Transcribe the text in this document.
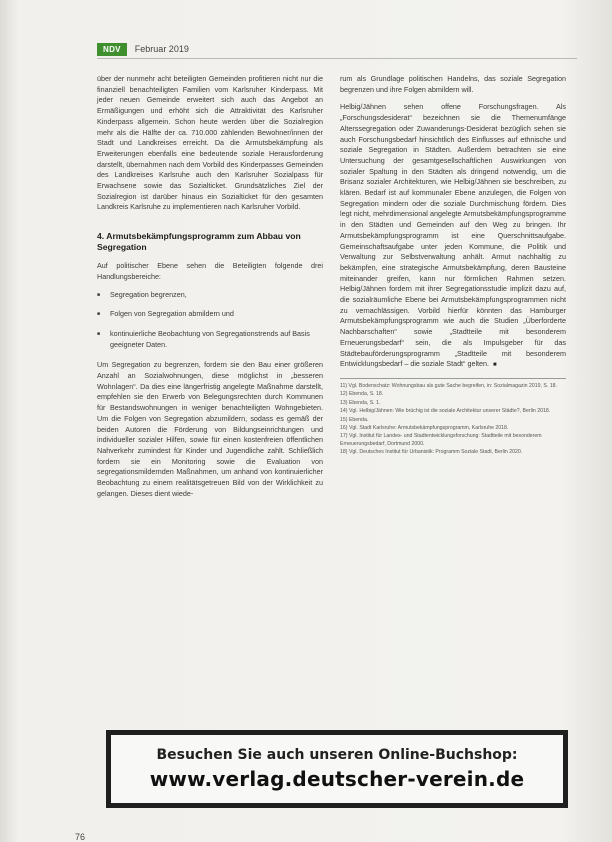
NDV	Februar 2019

über der nunmehr acht beteiligten Gemeinden profitieren nicht nur die finanziell benachteiligten Familien vom Karlsruher Kinderpass. Mit jeder neuen Gemeinde erweitert sich auch das Angebot an Ermäßigungen und erhöht sich die Attraktivität des Karlsruher Kinderpass allgemein. Schon heute werden über die Sozialregion mehr als die Hälfte der ca. 710.000 zählenden Bewohner/innen der Stadt und Landkreises erreicht. Da die Armutsbekämpfung als Erweiterungen ebenfalls eine bedeutende soziale Herausforderung darstellt, übernahmen nach dem Vorbild des Kinderpasses Gemeinden des Landkreises Karlsruhe auch den Karlsruher Sozialpass für Erwachsene sowie das Sozialticket. Grundsätzliches Ziel der Sozialregion ist darüber hinaus ein Sozialticket für den gesamten Landkreis Karlsruhe zu implementieren nach Karlsruher Vorbild.

4. Armutsbekämpfungsprogramm zum Abbau von Segregation

Auf politischer Ebene sehen die Beteiligten folgende drei Handlungsbereiche:

■ Segregation begrenzen,
■ Folgen von Segregation abmildern und
■ kontinuierliche Beobachtung von Segregationstrends auf Basis geeigneter Daten.

Um Segregation zu begrenzen, fordern sie den Bau einer größeren Anzahl an Sozialwohnungen, diese möglichst in „besseren Wohnlagen“. Da dies eine längerfristig angelegte Maßnahme darstellt, empfehlen sie den Erwerb von Belegungsrechten durch Kommunen für Bestandswohnungen in weniger benachteiligten Wohngebieten. Um die Folgen von Segregation abzumildern, sodass es gemäß der beiden Autoren die Förderung von Bildungseinrichtungen und individueller sozialer Hilfen, sowie für einen kostenfreien öffentlichen Nahverkehr zumindest für Kinder und Jugendliche zahlt. Schließlich fordern sie ein Monitoring sowie die Evaluation von segregationsmildernden Maßnahmen, um anhand von kontinuierlicher Beobachtung zu einem realitätsgetreuen Bild von der Wirklichkeit zu gelangen. Dieses dient wiede-

rum als Grundlage politischen Handelns, das soziale Segregation begrenzen und ihre Folgen abmildern will.

Helbig/Jähnen sehen offene Forschungsfragen. Als „Forschungsdesiderat“ bezeichnen sie die Themenumfänge Alterssegregation oder Zuwanderungs-Desiderat bezüglich sehen sie auch Forschungsbedarf hinsichtlich des Einflusses auf ethnische und soziale Segregation in Städten. Außerdem betrachten sie eine Untersuchung der gesamtgesellschaftlichen Auswirkungen von sozialer Spaltung in den Städten als dringend notwendig, um die Brisanz sozialer Architekturen, wie Helbig/Jähnen sie beschreiben, zu klären. Bedarf ist auf kommunaler Ebene anzulegen, die Folgen von Segregation mindern oder die soziale Durchmischung fördern. Dies legt nicht, mehrdimensional angelegte Armutsbekämpfungsprogramme in den Städten und Gemeinden auf den Weg zu bringen. Ihr Armutsbekämpfungsprogramm ist eine Querschnittsaufgabe. Gemeinschaftsaufgabe unter jeden Kommune, die Politik und Verwaltung zur Selbstverwaltung anhält. Armut nachhaltig zu bekämpfen, eine strategische Armutsbekämpfung, deren Bausteine miteinander greifen, kann nur förmlichen Rahmen setzen. Helbig/Jähnen fordern mit ihrer Segregationsstudie implizit dazu auf, die sozialräumliche Ebene bei Armutsbekämpfungsprogrammen nicht zu vernachlässigen. Vorbild hierfür könnten das Hamburger Armutsbekämpfungsprogramm wie auch die Studien „Überforderte Nachbarschaften“ sowie „Stadtteile mit besonderem Erneuerungsbedarf“ sein, die als Impulsgeber für das Städtebauförderungsprogramm „Stadtteile mit besonderem Entwicklungsbedarf – die soziale Stadt“ gelten. ■

11) Vgl. Bodenschatz: Wohnungsbau als gute Sache begreifen, in: Sozialmagazin 2019, S. 18.
12) Ebenda, S. 18.
13) Ebenda, S. 1.
14) Vgl. Helbig/Jähnen: Wie brüchig ist die soziale Architektur unserer Städte?, Berlin 2018.
15) Ebenda.
16) Vgl. Stadt Karlsruhe: Armutsbekämpfungsprogramm, Karlsruhe 2018.
17) Vgl. Institut für Landes- und Stadtentwicklungsforschung: Stadtteile mit besonderem Erneuerungsbedarf, Dortmund 2000.
18) Vgl. Deutsches Institut für Urbanistik: Programm Soziale Stadt, Berlin 2020.
Besuchen Sie auch unseren Online-Buchshop:
www.verlag.deutscher-verein.de
76
